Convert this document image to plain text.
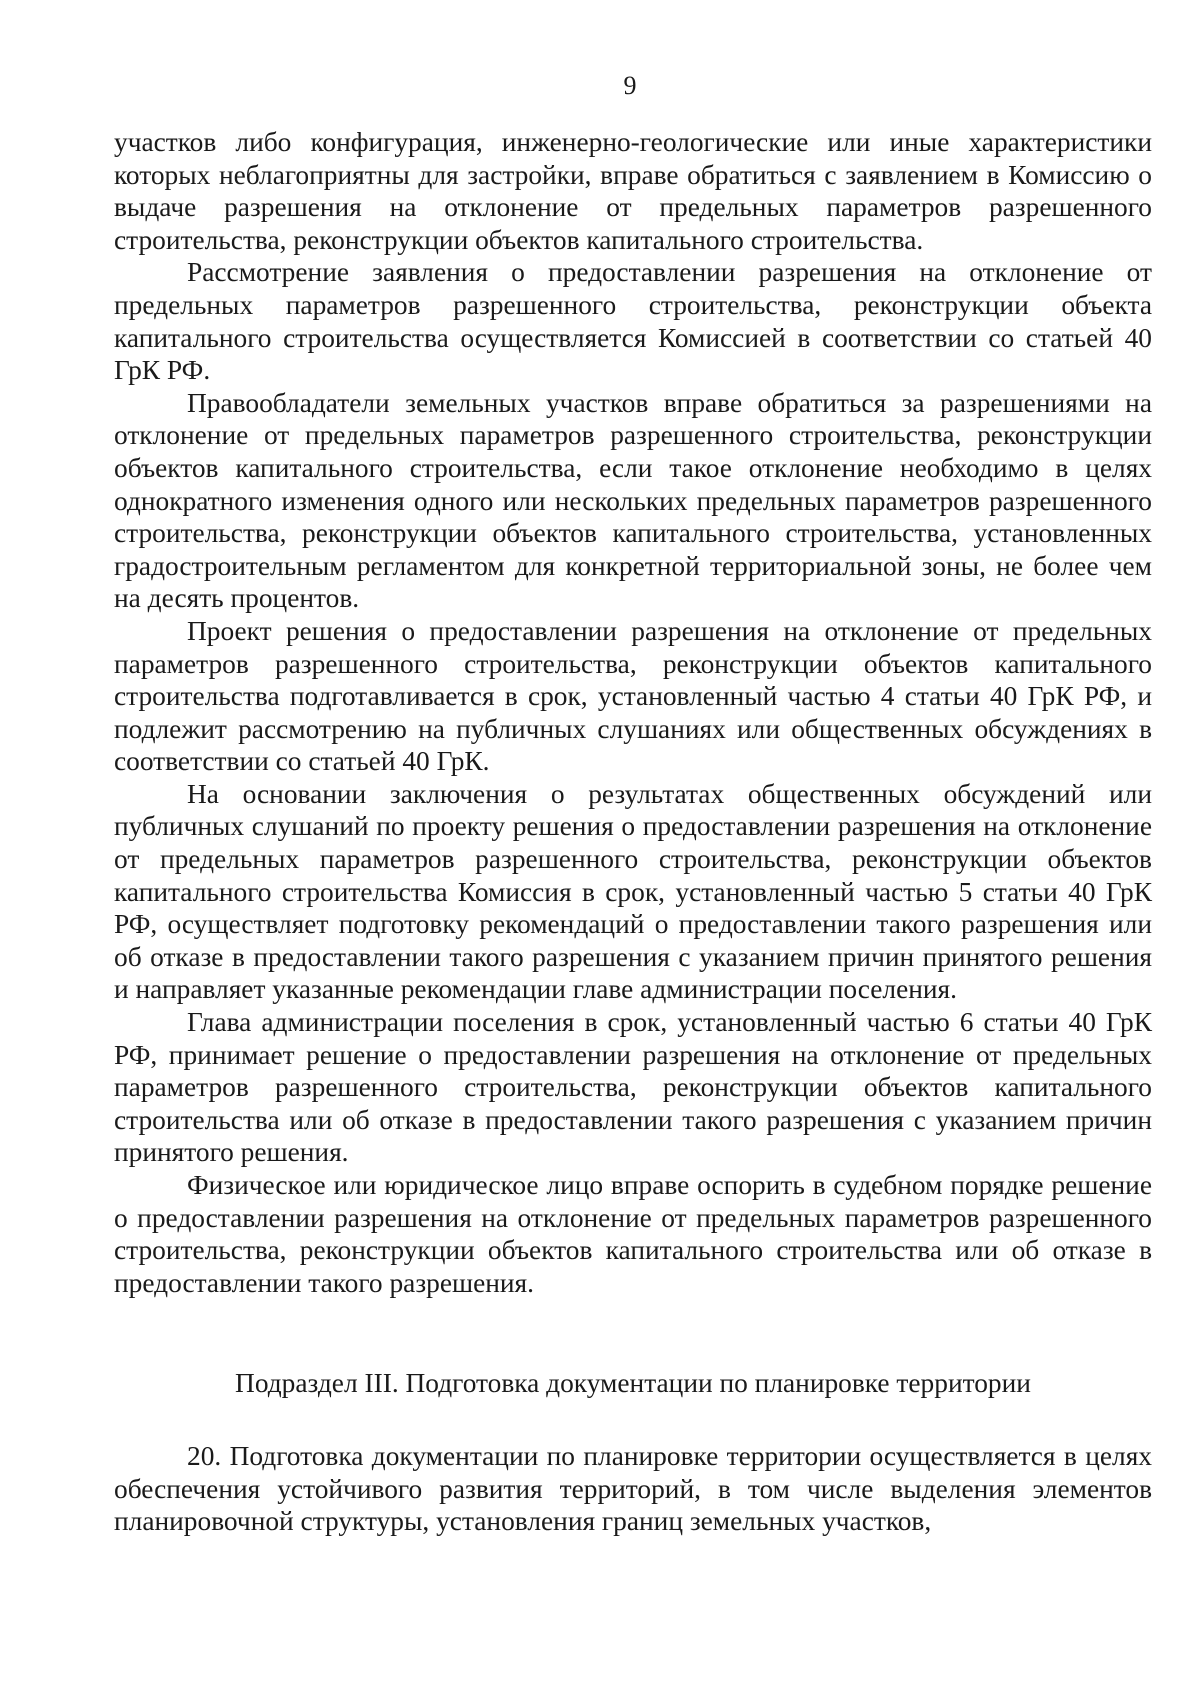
9

участков либо конфигурация, инженерно-геологические или иные характеристики которых неблагоприятны для застройки, вправе обратиться с заявлением в Комиссию о выдаче разрешения на отклонение от предельных параметров разрешенного строительства, реконструкции объектов капитального строительства.

Рассмотрение заявления о предоставлении разрешения на отклонение от предельных параметров разрешенного строительства, реконструкции объекта капитального строительства осуществляется Комиссией в соответствии со статьей 40 ГрК РФ.

Правообладатели земельных участков вправе обратиться за разрешениями на отклонение от предельных параметров разрешенного строительства, реконструкции объектов капитального строительства, если такое отклонение необходимо в целях однократного изменения одного или нескольких предельных параметров разрешенного строительства, реконструкции объектов капитального строительства, установленных градостроительным регламентом для конкретной территориальной зоны, не более чем на десять процентов.

Проект решения о предоставлении разрешения на отклонение от предельных параметров разрешенного строительства, реконструкции объектов капитального строительства подготавливается в срок, установленный частью 4 статьи 40 ГрК РФ, и подлежит рассмотрению на публичных слушаниях или общественных обсуждениях в соответствии со статьей 40 ГрК.

На основании заключения о результатах общественных обсуждений или публичных слушаний по проекту решения о предоставлении разрешения на отклонение от предельных параметров разрешенного строительства, реконструкции объектов капитального строительства Комиссия в срок, установленный частью 5 статьи 40 ГрК РФ, осуществляет подготовку рекомендаций о предоставлении такого разрешения или об отказе в предоставлении такого разрешения с указанием причин принятого решения и направляет указанные рекомендации главе администрации поселения.

Глава администрации поселения в срок, установленный частью 6 статьи 40 ГрК РФ, принимает решение о предоставлении разрешения на отклонение от предельных параметров разрешенного строительства, реконструкции объектов капитального строительства или об отказе в предоставлении такого разрешения с указанием причин принятого решения.

Физическое или юридическое лицо вправе оспорить в судебном порядке решение о предоставлении разрешения на отклонение от предельных параметров разрешенного строительства, реконструкции объектов капитального строительства или об отказе в предоставлении такого разрешения.

Подраздел III. Подготовка документации по планировке территории

20. Подготовка документации по планировке территории осуществляется в целях обеспечения устойчивого развития территорий, в том числе выделения элементов планировочной структуры, установления границ земельных участков,
